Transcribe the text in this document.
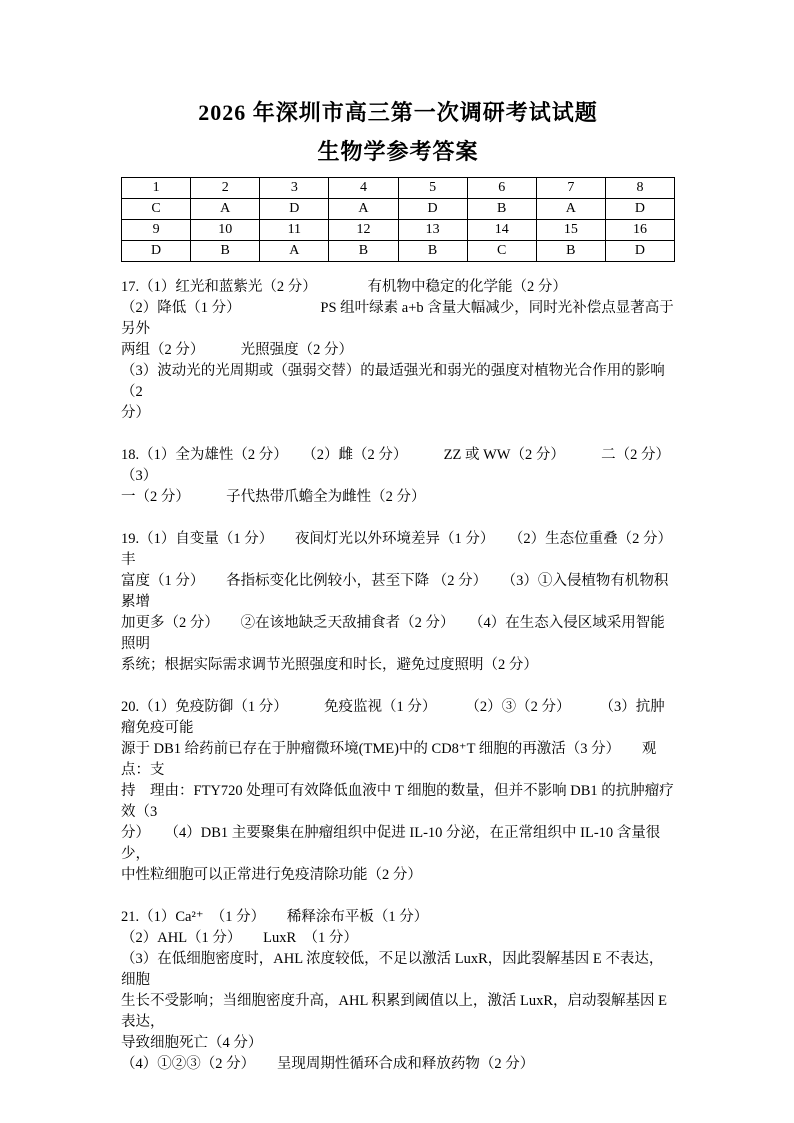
2026 年深圳市高三第一次调研考试试题
生物学参考答案
1	2	3	4	5	6	7	8
C	A	D	A	D	B	A	D
9	10	11	12	13	14	15	16
D	B	A	B	B	C	B	D
17.（1）红光和蓝紫光（2 分）　　　　有机物中稳定的化学能（2 分）
（2）降低（1 分）　　　　　　PS 组叶绿素 a+b 含量大幅减少，同时光补偿点显著高于另外
两组（2 分）　　　光照强度（2 分）
（3）波动光的光周期或（强弱交替）的最适强光和弱光的强度对植物光合作用的影响（2
分）
18.（1）全为雄性（2 分）　　（2）雌（2 分）　　　ZZ 或 WW（2 分）　　　二（2 分）　　（3）
一（2 分）　　　子代热带爪蟾全为雌性（2 分）
19.（1）自变量（1 分）　　夜间灯光以外环境差异（1 分）　　（2）生态位重叠（2 分）　　丰
富度（1 分）　　各指标变化比例较小，甚至下降 （2 分）　　（3）①入侵植物有机物积累增
加更多（2 分）　　②在该地缺乏天敌捕食者（2 分）　　（4）在生态入侵区域采用智能照明
系统；根据实际需求调节光照强度和时长，避免过度照明（2 分）
20.（1）免疫防御（1 分）　　　免疫监视（1 分）　　　（2）③（2 分）　　　（3）抗肿瘤免疫可能
源于 DB1 给药前已存在于肿瘤微环境(TME)中的 CD8⁺T 细胞的再激活（3 分）　　观点：支
持　理由：FTY720 处理可有效降低血液中 T 细胞的数量，但并不影响 DB1 的抗肿瘤疗效（3
分）　　（4）DB1 主要聚集在肿瘤组织中促进 IL-10 分泌，在正常组织中 IL-10 含量很少，
中性粒细胞可以正常进行免疫清除功能（2 分）
21.（1）Ca²⁺　（1 分）　　稀释涂布平板（1 分）
（2）AHL（1 分）　　LuxR　（1 分）
（3）在低细胞密度时，AHL 浓度较低，不足以激活 LuxR，因此裂解基因 E 不表达，细胞
生长不受影响；当细胞密度升高，AHL 积累到阈值以上，激活 LuxR，启动裂解基因 E 表达，
导致细胞死亡（4 分）
（4）①②③（2 分）　　呈现周期性循环合成和释放药物（2 分）
